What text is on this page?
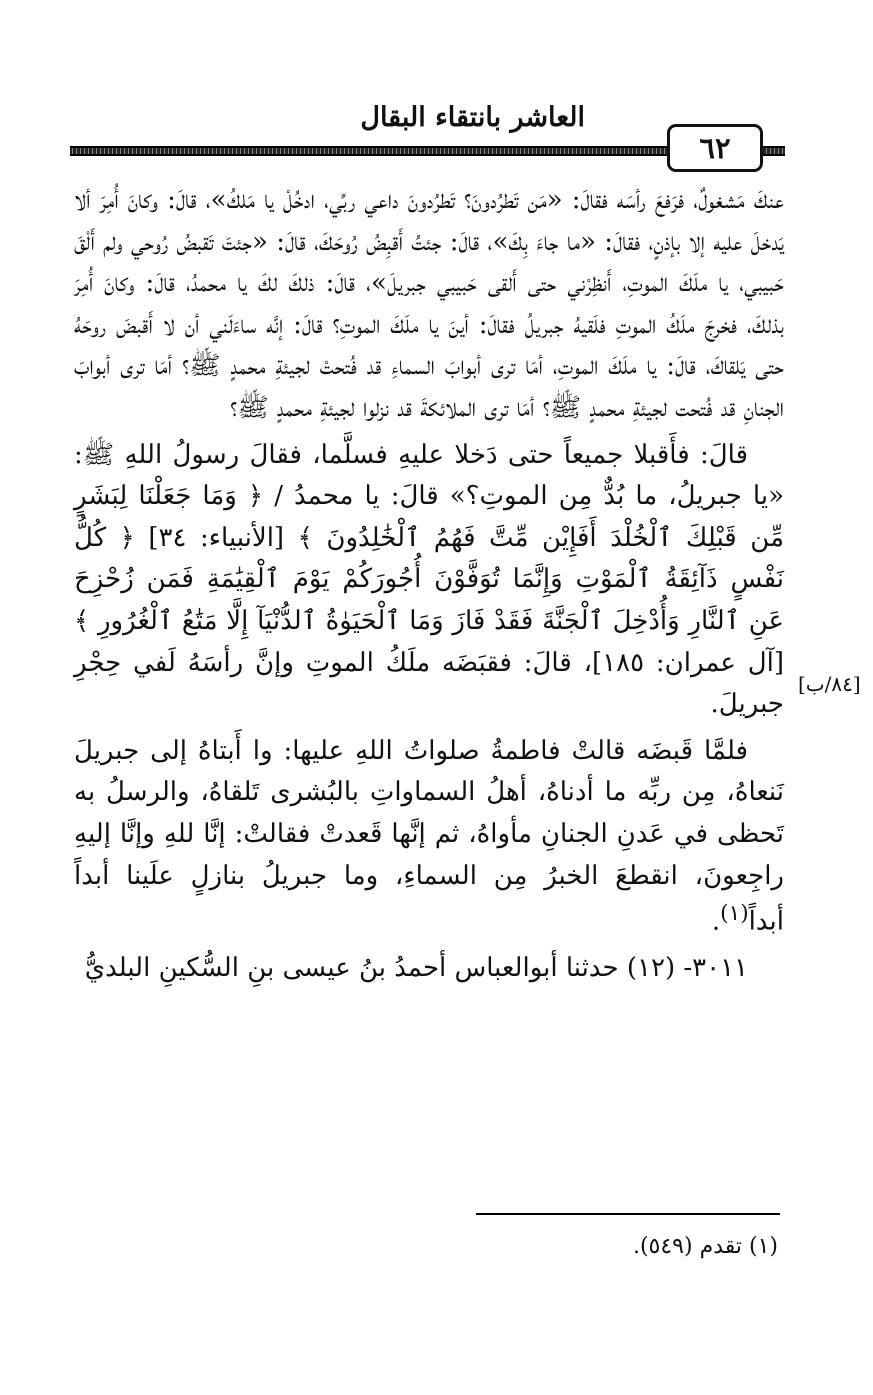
العاشر بانتقاء البقال
٦٢
[٨٤/ب]

عنكَ مَشغولٌ، فرَفعَ رأسَه فقالَ: «مَن تَطرُدونَ؟ تَطرُدونَ داعي ربِّي، ادخُلْ يا مَلكُ»، قالَ: وكانَ أُمِرَ ألا يَدخلَ عليه إلا بإذنٍ، فقالَ: «ما جاءَ بِكَ»، قالَ: جئتُ أَقبِضُ رُوحَكَ، قالَ: «جئتَ تَقبضُ رُوحي ولم أَلْقَ حَبيبي، يا ملَكَ الموتِ، أَنظِرْني حتى أَلقى حَبيبي جبريلَ»، قالَ: ذلكَ لكَ يا محمدُ، قالَ: وكانَ أُمِرَ بذلكَ، فخرجَ ملَكُ الموتِ فلَقيهُ جبريلُ فقالَ: أينَ يا ملَكَ الموتِ؟ قالَ: إنَّه ساءَلَني أن لا أَقبضَ روحَهُ حتى يَلقاكَ، قالَ: يا ملَكَ الموتِ، أمَا ترى أبوابَ السماءِ قد فُتحتْ لجيئةِ محمدٍ ﷺ؟ أمَا ترى أبوابَ الجنانِ قد فُتحت لجيئةِ محمدٍ ﷺ؟ أمَا ترى الملائكةَ قد نزلوا لجيئةِ محمدٍ ﷺ؟

قالَ: فأَقبلا جميعاً حتى دَخلا عليهِ فسلَّما، فقالَ رسولُ اللهِ ﷺ: «يا جبريلُ، ما بُدٌّ مِن الموتِ؟» قالَ: يا محمدُ / ﴿ وَمَا جَعَلْنَا لِبَشَرٍ مِّن قَبْلِكَ ٱلْخُلْدَ أَفَإِيْن مِّتَّ فَهُمُ ٱلْخَٰلِدُونَ ﴾ [الأنبياء: ٣٤] ﴿ كُلُّ نَفْسٍ ذَآئِقَةُ ٱلْمَوْتِ وَإِنَّمَا تُوَفَّوْنَ أُجُورَكُمْ يَوْمَ ٱلْقِيَٰمَةِ فَمَن زُحْزِحَ عَنِ ٱلنَّارِ وَأُدْخِلَ ٱلْجَنَّةَ فَقَدْ فَازَ وَمَا ٱلْحَيَوٰةُ ٱلدُّنْيَآ إِلَّا مَتَٰعُ ٱلْغُرُورِ ﴾ [آل عمران: ١٨٥]، قالَ: فقبَضَه ملَكُ الموتِ وإنَّ رأسَهُ لَفي حِجْرِ جبريلَ.

فلمَّا قَبضَه قالتْ فاطمةُ صلواتُ اللهِ عليها: وا أَبتاهُ إلى جبريلَ نَنعاهُ، مِن ربِّه ما أدناهُ، أهلُ السماواتِ بالبُشرى تَلقاهُ، والرسلُ به تَحظى في عَدنِ الجنانِ مأواهُ، ثم إنَّها قَعدتْ فقالتْ: إنَّا للهِ وإنَّا إليهِ راجِعونَ، انقطعَ الخبرُ مِن السماءِ، وما جبريلُ بنازلٍ علَينا أبداً أبداً$^{(١)}$.

٣٠١١- (١٢) حدثنا أبوالعباس أحمدُ بنُ عيسى بنِ السُّكينِ البلديُّ

(١) تقدم (٥٤٩).
